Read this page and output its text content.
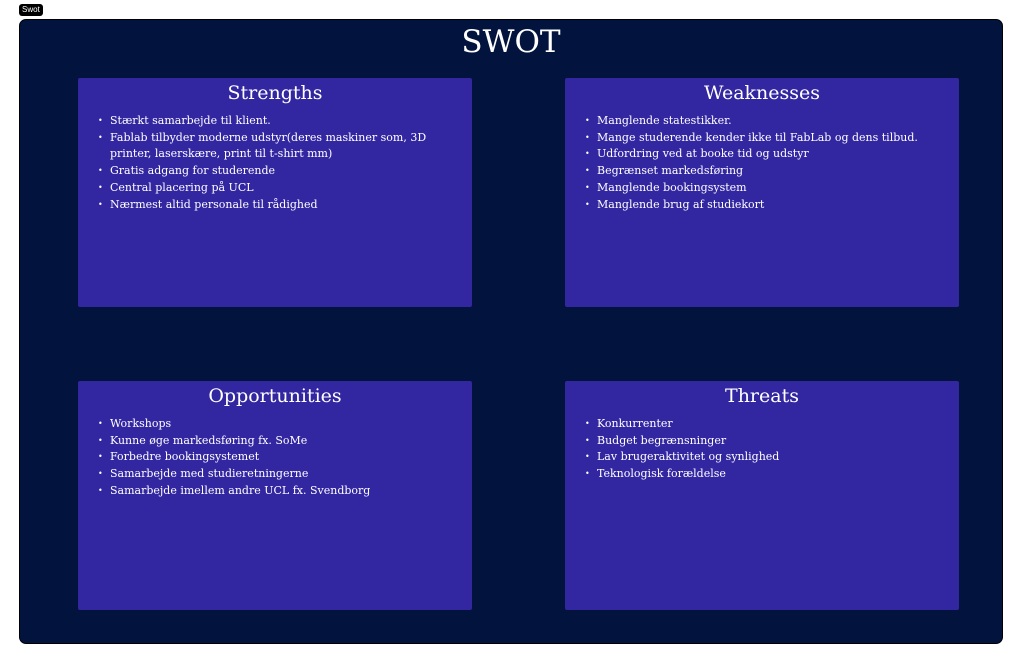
Swot
SWOT
Strengths
• Stærkt samarbejde til klient.
• Fablab tilbyder moderne udstyr(deres maskiner som, 3D printer, laserskære, print til t-shirt mm)
• Gratis adgang for studerende
• Central placering på UCL
• Nærmest altid personale til rådighed
Weaknesses
• Manglende statestikker.
• Mange studerende kender ikke til FabLab og dens tilbud.
• Udfordring ved at booke tid og udstyr
• Begrænset markedsføring
• Manglende bookingsystem
• Manglende brug af studiekort
Opportunities
• Workshops
• Kunne øge markedsføring fx. SoMe
• Forbedre bookingsystemet
• Samarbejde med studieretningerne
• Samarbejde imellem andre UCL fx. Svendborg
Threats
• Konkurrenter
• Budget begrænsninger
• Lav brugeraktivitet og synlighed
• Teknologisk forældelse
